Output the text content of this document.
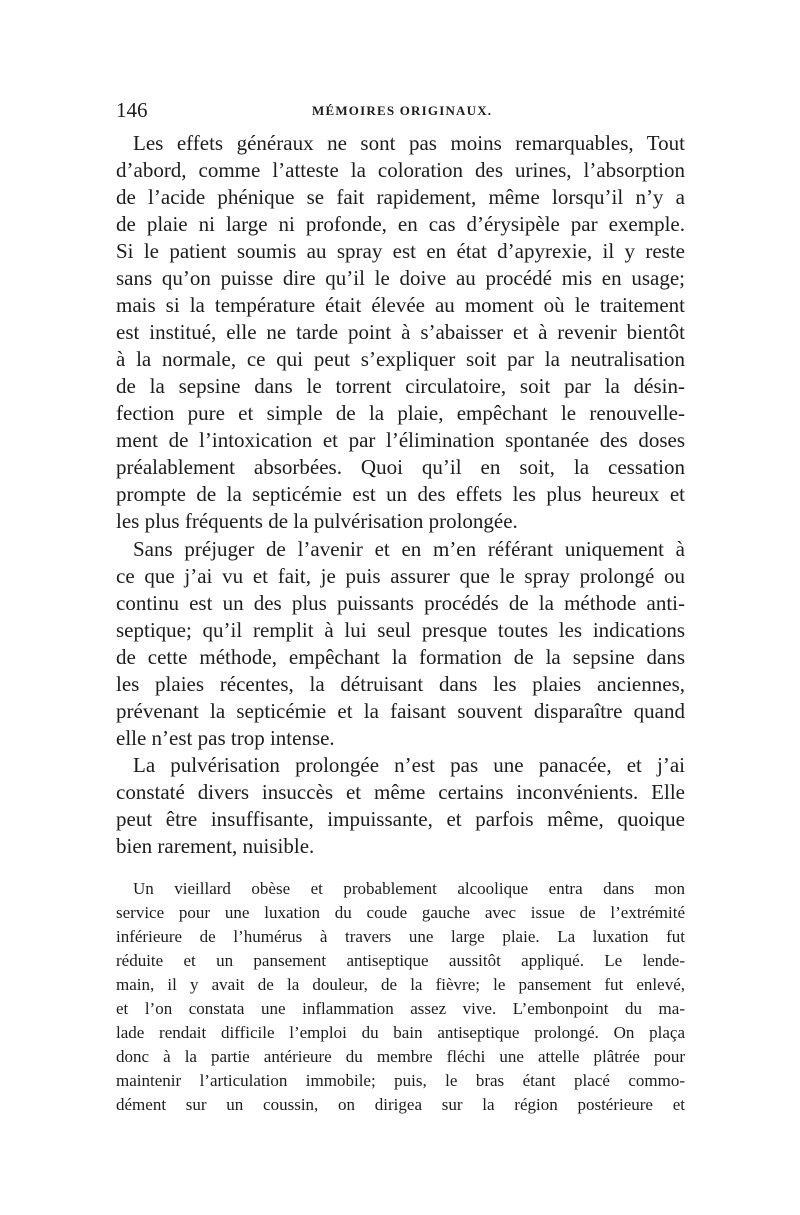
146	MÉMOIRES ORIGINAUX.
Les effets généraux ne sont pas moins remarquables, Tout
d’abord, comme l’atteste la coloration des urines, l’absorption
de l’acide phénique se fait rapidement, même lorsqu’il n’y a
de plaie ni large ni profonde, en cas d’érysipèle par exemple.
Si le patient soumis au spray est en état d’apyrexie, il y reste
sans qu’on puisse dire qu’il le doive au procédé mis en usage;
mais si la température était élevée au moment où le traitement
est institué, elle ne tarde point à s’abaisser et à revenir bientôt
à la normale, ce qui peut s’expliquer soit par la neutralisation
de la sepsine dans le torrent circulatoire, soit par la désin-
fection pure et simple de la plaie, empêchant le renouvelle-
ment de l’intoxication et par l’élimination spontanée des doses
préalablement absorbées. Quoi qu’il en soit, la cessation
prompte de la septicémie est un des effets les plus heureux et
les plus fréquents de la pulvérisation prolongée.
Sans préjuger de l’avenir et en m’en référant uniquement à
ce que j’ai vu et fait, je puis assurer que le spray prolongé ou
continu est un des plus puissants procédés de la méthode anti-
septique; qu’il remplit à lui seul presque toutes les indications
de cette méthode, empêchant la formation de la sepsine dans
les plaies récentes, la détruisant dans les plaies anciennes,
prévenant la septicémie et la faisant souvent disparaître quand
elle n’est pas trop intense.
La pulvérisation prolongée n’est pas une panacée, et j’ai
constaté divers insuccès et même certains inconvénients. Elle
peut être insuffisante, impuissante, et parfois même, quoique
bien rarement, nuisible.
Un vieillard obèse et probablement alcoolique entra dans mon
service pour une luxation du coude gauche avec issue de l’extrémité
inférieure de l’humérus à travers une large plaie. La luxation fut
réduite et un pansement antiseptique aussitôt appliqué. Le lende-
main, il y avait de la douleur, de la fièvre; le pansement fut enlevé,
et l’on constata une inflammation assez vive. L’embonpoint du ma-
lade rendait difficile l’emploi du bain antiseptique prolongé. On plaça
donc à la partie antérieure du membre fléchi une attelle plâtrée pour
maintenir l’articulation immobile; puis, le bras étant placé commo-
dément sur un coussin, on dirigea sur la région postérieure et
